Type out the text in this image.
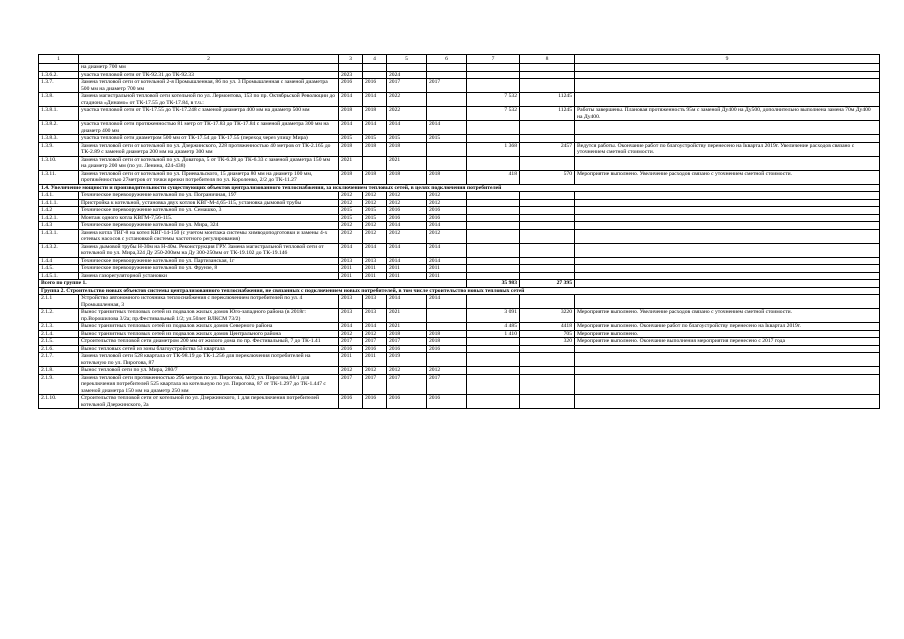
1	2	3	4	5	6	7	8	9
	на диаметр 700 мм							
1.3.6.2.	участка тепловой сети от ТК-92.31 до ТК-92.33	2023		2024				
1.3.7.	Замена тепловой сети от котельной 2-я Промышленная, 86 по ул. 3 Промышленная с заменой диаметра 500 мм на диаметр 700 мм	2016	2016	2017	2017			
1.3.8.	Замена магистральной тепловой сети котельной по ул. Лермонтова, 153 по пр. Октябрьской Революции до стадиона «Динамо» от ТК-17.55 до ТК-17.84, в т.ч.:	2014	2014	2022		7 532	11245	
1.3.8.1.	участка тепловой сети от ТК-17.55 до ТК-17.248 с заменой диаметра 400 мм на диаметр 500 мм	2018	2018	2022		7 532	11245	Работы завершены. Плановая протяженность 95м с заменой Ду400 на Ду500, дополнительно выполнена замена 70м Ду400 на Ду400.
1.3.8.2.	участка тепловой сети протяженностью 81 метр от ТК-17.83 до ТК-17.84 с заменой диаметра 300 мм на диаметр 400 мм	2014	2014	2014	2014			
1.3.8.3.	участка тепловой сети диаметром 500 мм от ТК-17.54 до ТК-17.55 (переход через улицу Мира)	2015	2015	2015	2015			
1.3.9.	Замена тепловой сети от котельной по ул. Дзержинского, 228 протяженностью 40 метров от ТК-2.165 до ТК-2.89 с заменой диаметра 200 мм на диаметр 300 мм	2018	2018	2018		1 368	2457	Ведутся работы. Окончание работ по благоустройству перенесено на Iквартал 2019г. Увеличение расходов связано с уточнением сметной стоимости.
1.3.10.	Замена тепловой сети от котельной по ул. Доватора, 5 от ТК-6.28 до ТК-6.33 с заменой диаметра 150 мм на диаметр 200 мм (по ул. Ленина, 424-438)	2021		2021				
1.3.11.	Замена тепловой сети от котельной по ул. Приевальского, 15 диаметра 80 мм на диаметр 100 мм, протяжённостью 27метров от точки врезки потребителя по ул. Короленко, 2/2 до ТК-11.27	2018	2018	2018	2018	418	570	Мероприятие выполнено. Увеличение расходов связано с уточнением сметной стоимости.
1.4. Увеличение мощности и производительности существующих объектов централизованного теплоснабжения, за исключением тепловых сетей, в целях подключения потребителей								
1.4.1.	Техническое перевооружение котельной по ул. Пограничная, 197	2012	2012	2012	2012			
1.4.1.1.	Пристройка к котельной, установка двух котлов КВГ-М-4,65-115, установка дымовой трубы	2012	2012	2012	2012			
1.4.2	Техническое перевооружение котельной по ул. Семашко, 3	2015	2015	2016	2016			
1.4.2.1.	Монтаж одного котла КВГМ-7,56-115.	2015	2015	2016	2016			
1.4.3	Техническое перевооружение котельной по ул. Мира, 324	2012	2012	2014	2014			
1.4.3.1.	Замена котла ТВГ-8 на котел КВГ-14-150 (с учетом монтажа системы химводоподготовки и замены 4-х сетевых насосов с установкой системы частотного регулирования)	2012	2012	2012	2012			
1.4.3.2.	Замена дымовой трубы Н-30м на Н-40м. Реконструкция ГРУ. Замена магистральной тепловой сети от котельной по ул. Мира,324 Ду 250-200мм на Ду 300-250мм от ТК-19.102 до ТК-19.146	2014	2014	2014	2014			
1.4.4	Техническое перевооружение котельной по ул. Партизанская, 1г	2013	2013	2014	2014			
1.4.5.	Техническое перевооружение котельной по ул. Фрунзе, 8	2011	2011	2011	2011			
1.4.5.1.	Замена газорегуляторной установки	2011	2011	2011	2011			
Всего по группе 1.						35 983	27 395	
Группа 2. Строительство новых объектов системы централизованного теплоснабжения, не связанных с подключением новых потребителей, в том числе строительство новых тепловых сетей								
2.1.1	Устройство автономного источника теплоснабжения с переключением потребителей по ул. 4 Промышленная, 3	2013	2013	2014	2014			
2.1.2.	Вынос транзитных тепловых сетей из подвалов жилых домов Юго-западного района (в 2018г: пр.Ворошилова 3/2а; пр.Фестивальный 1/2; ул.50лет ВЛКСМ 73/2)	2013	2013	2021		3 091	3220	Мероприятие выполнено. Увеличение расходов связано с уточнением сметной стоимости.
2.1.3.	Вынос транзитных тепловых сетей из подвалов жилых домов Северного района	2014	2014	2021		4 485	4418	Мероприятие выполнено. Окончание работ по благоустройству перенесено на Iквартал 2019г.
2.1.4.	Вынос транзитных тепловых сетей из подвалов жилых домов Центрального района	2012	2012	2018	2018	1 410	705	Мероприятие выполнено.
2.1.5.	Строительство тепловой сети диаметром 200 мм от жилого дома по пр. Фестивальный, 7 до ТК-1.41	2017	2017	2017	2018		320	Мероприятие выполнено. Окончание выполнения мероприятия перенесено с 2017 года
2.1.6.	Вынос тепловых сетей из зоны благоустройства 53 квартала	2016	2016	2016	2016			
2.1.7.	Замена тепловой сети 528 квартала от ТК-98.19 до ТК-1.256 для переключения потребителей на котельную по ул. Пирогова, 87	2011	2011	2019				
2.1.8.	Вынос тепловой сети по ул. Мира, 280/7	2012	2012	2012	2012			
2.1.9.	Замена тепловой сети протяженностью 295 метров по ул. Пирогова, 62/2, ул. Пирогова,68/1 для переключения потребителей 525 квартала на котельную по ул. Пирогова, 87 от ТК-1.297 до ТК-1.447 с заменой диаметра 150 мм на диаметр 250 мм	2017	2017	2017	2017			
2.1.10.	Строительство тепловой сети от котельной по ул. Дзержинского, 1 для переключения потребителей котельной Дзержинского, 2а	2016	2016	2016	2016			
